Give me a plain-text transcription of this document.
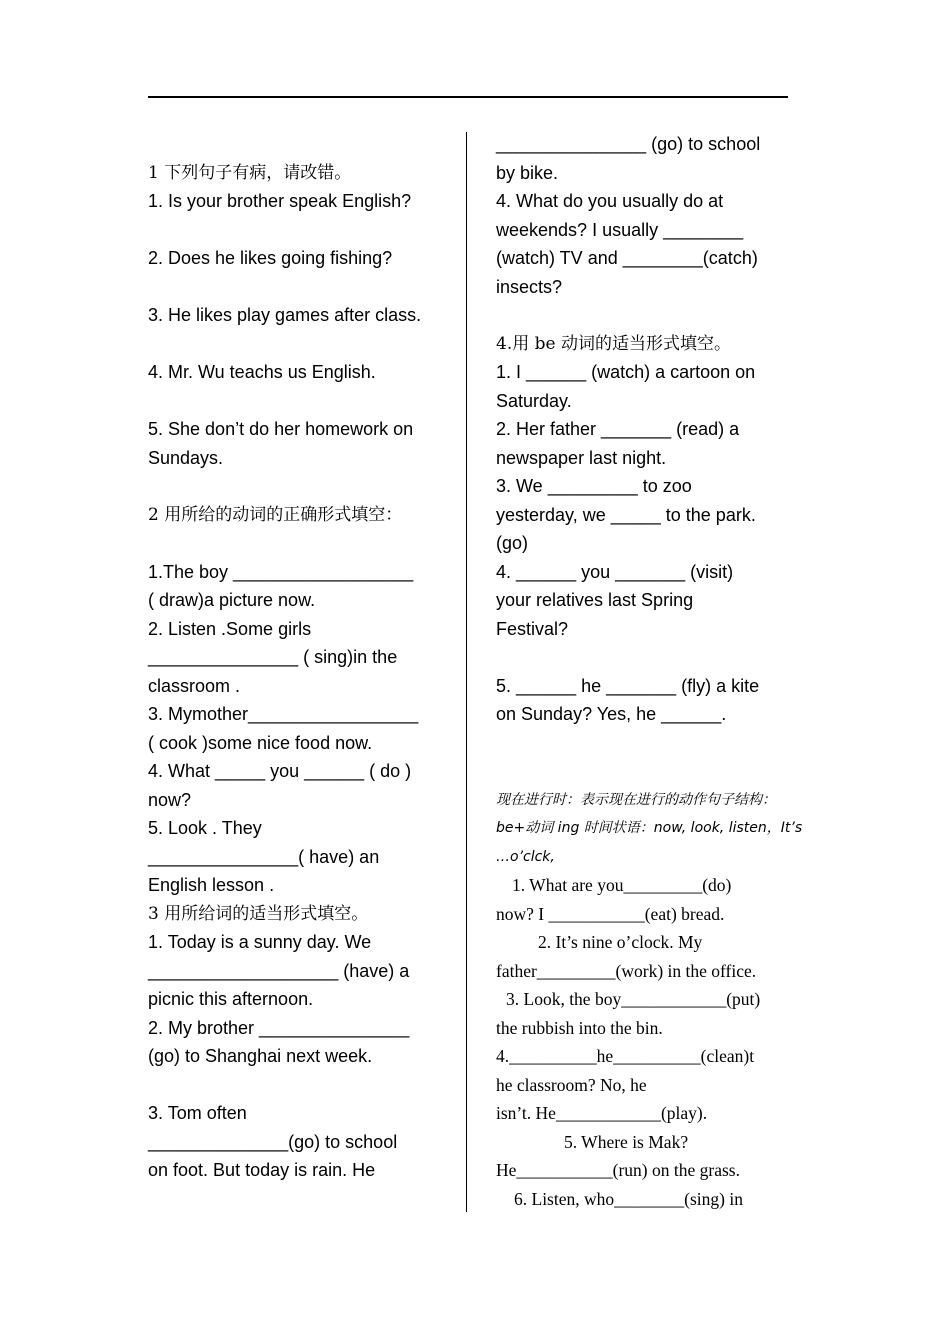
1 下列句子有病，请改错。
1. Is your brother speak English?
2. Does he likes going fishing?
3. He likes play games after class.
4. Mr. Wu teachs us English.
5. She don’t do her homework on
Sundays.
2 用所给的动词的正确形式填空：
1.The boy __________________
( draw)a picture now.
2. Listen .Some girls
_______________ ( sing)in the
classroom .
3. Mymother_________________
( cook )some nice food now.
4. What _____ you ______ ( do )
now?
5. Look . They
_______________( have) an
English lesson .
3 用所给词的适当形式填空。
1. Today is a sunny day. We
___________________ (have) a
picnic this afternoon.
2. My brother _______________
(go) to Shanghai next week.
3. Tom often
______________(go) to school
on foot. But today is rain. He
_______________ (go) to school
by bike.
4. What do you usually do at
weekends? I usually ________
(watch) TV and ________(catch)
insects?
4.用 be 动词的适当形式填空。
1. I ______ (watch) a cartoon on
Saturday.
2. Her father _______ (read) a
newspaper last night.
3. We _________ to zoo
yesterday, we _____ to the park.
(go)
4. ______ you _______ (visit)
your relatives last Spring
Festival?
5. ______ he _______ (fly) a kite
on Sunday? Yes, he ______.
现在进行时：表示现在进行的动作句子结构：
be+动词 ing 时间状语：now, look, listen，It’s
…o’clck,
1. What are you_________(do)
now? I ___________(eat) bread.
2. It’s nine o’clock. My
father_________(work) in the office.
3. Look, the boy____________(put)
the rubbish into the bin.
4.__________he__________(clean)t
he classroom? No, he
isn’t. He____________(play).
5. Where is Mak?
He___________(run) on the grass.
6. Listen, who________(sing) in
